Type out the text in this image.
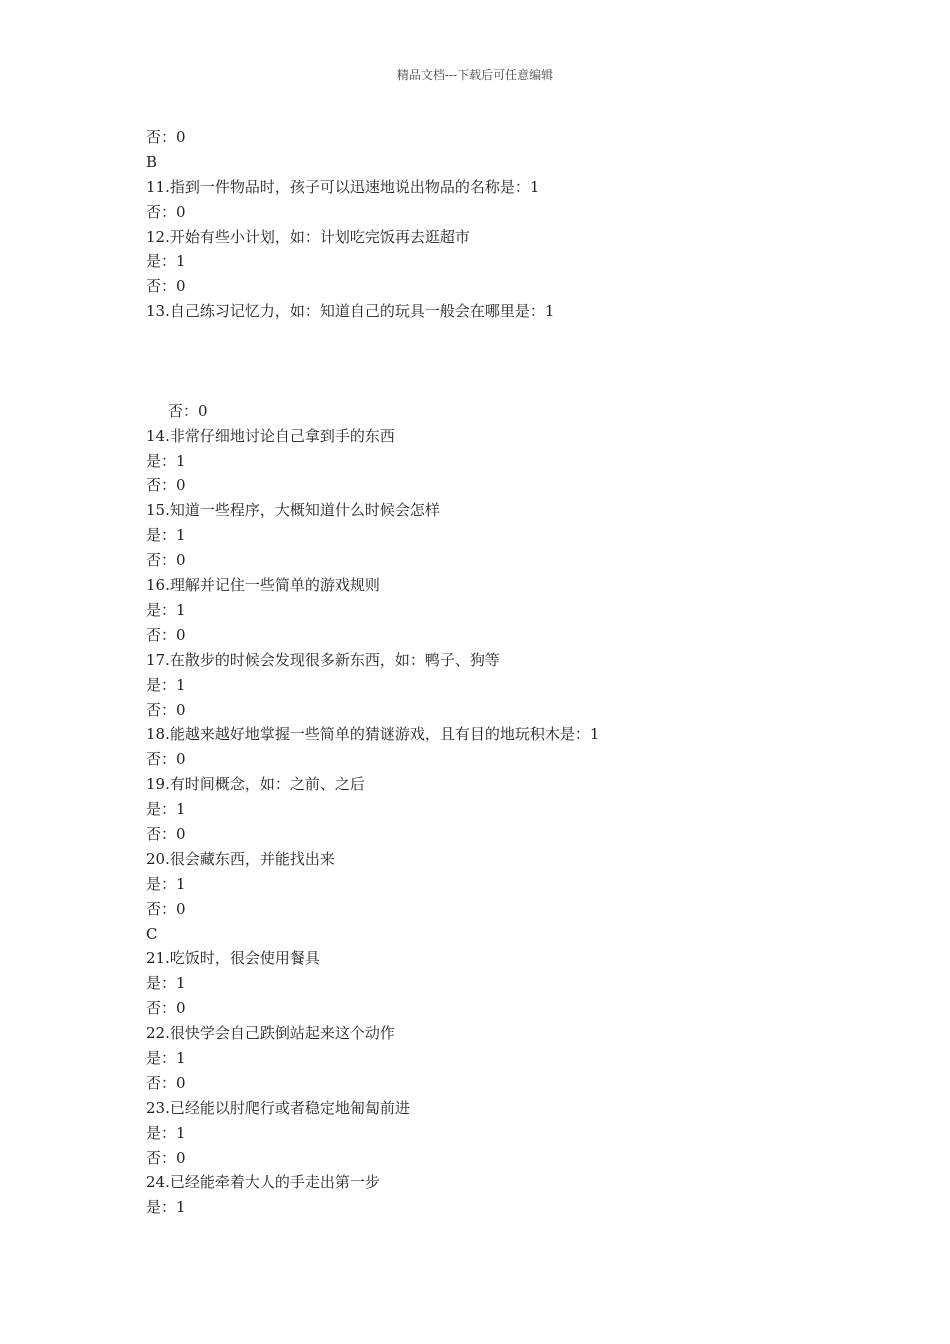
精品文档---下载后可任意编辑
否：0
B
11.指到一件物品时，孩子可以迅速地说出物品的名称是：1
否：0
12.开始有些小计划，如：计划吃完饭再去逛超市
是：1
否：0
13.自己练习记忆力，如：知道自己的玩具一般会在哪里是：1
否：0
14.非常仔细地讨论自己拿到手的东西
是：1
否：0
15.知道一些程序，大概知道什么时候会怎样
是：1
否：0
16.理解并记住一些简单的游戏规则
是：1
否：0
17.在散步的时候会发现很多新东西，如：鸭子、狗等
是：1
否：0
18.能越来越好地掌握一些简单的猜谜游戏，且有目的地玩积木是：1
否：0
19.有时间概念，如：之前、之后
是：1
否：0
20.很会藏东西，并能找出来
是：1
否：0
C
21.吃饭时，很会使用餐具
是：1
否：0
22.很快学会自己跌倒站起来这个动作
是：1
否：0
23.已经能以肘爬行或者稳定地匍匐前进
是：1
否：0
24.已经能牵着大人的手走出第一步
是：1
